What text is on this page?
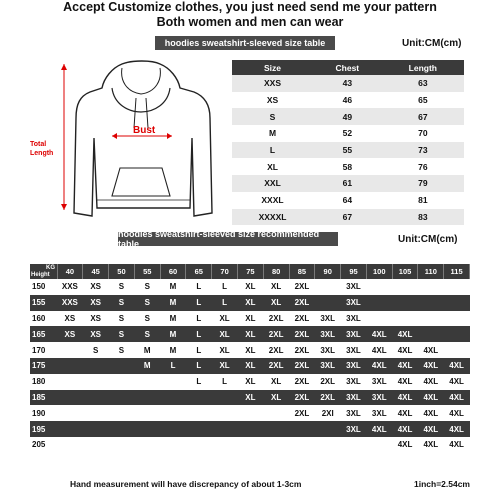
Accept Customize clothes, you just need send me your pattern
Both women and men can wear
hoodies sweatshirt-sleeved size table	Unit:CM(cm)
Bust
Total
Length
Size	Chest	Length
XXS	43	63
XS	46	65
S	49	67
M	52	70
L	55	73
XL	58	76
XXL	61	79
XXXL	64	81
XXXXL	67	83
hoodies sweatshirt-sleeved size recommended table	Unit:CM(cm)
KG
Height	40	45	50	55	60	65	70	75	80	85	90	95	100	105	110	115
150	XXS	XS	S	S	M	L	L	XL	XL	2XL		3XL				
155	XXS	XS	S	S	M	L	L	XL	XL	2XL		3XL				
160	XS	XS	S	S	M	L	XL	XL	2XL	2XL	3XL	3XL				
165	XS	XS	S	S	M	L	XL	XL	2XL	2XL	3XL	3XL	4XL	4XL		
170		S	S	M	M	L	XL	XL	2XL	2XL	3XL	3XL	4XL	4XL	4XL	
175				M	L	L	XL	XL	2XL	2XL	3XL	3XL	4XL	4XL	4XL	4XL
180						L	L	XL	XL	2XL	2XL	3XL	3XL	4XL	4XL	4XL
185								XL	XL	2XL	2XL	3XL	3XL	4XL	4XL	4XL
190										2XL	2XI	3XL	3XL	4XL	4XL	4XL
195												3XL	4XL	4XL	4XL	4XL
205														4XL	4XL	4XL
Hand measurement will have discrepancy of about 1-3cm	1inch=2.54cm
